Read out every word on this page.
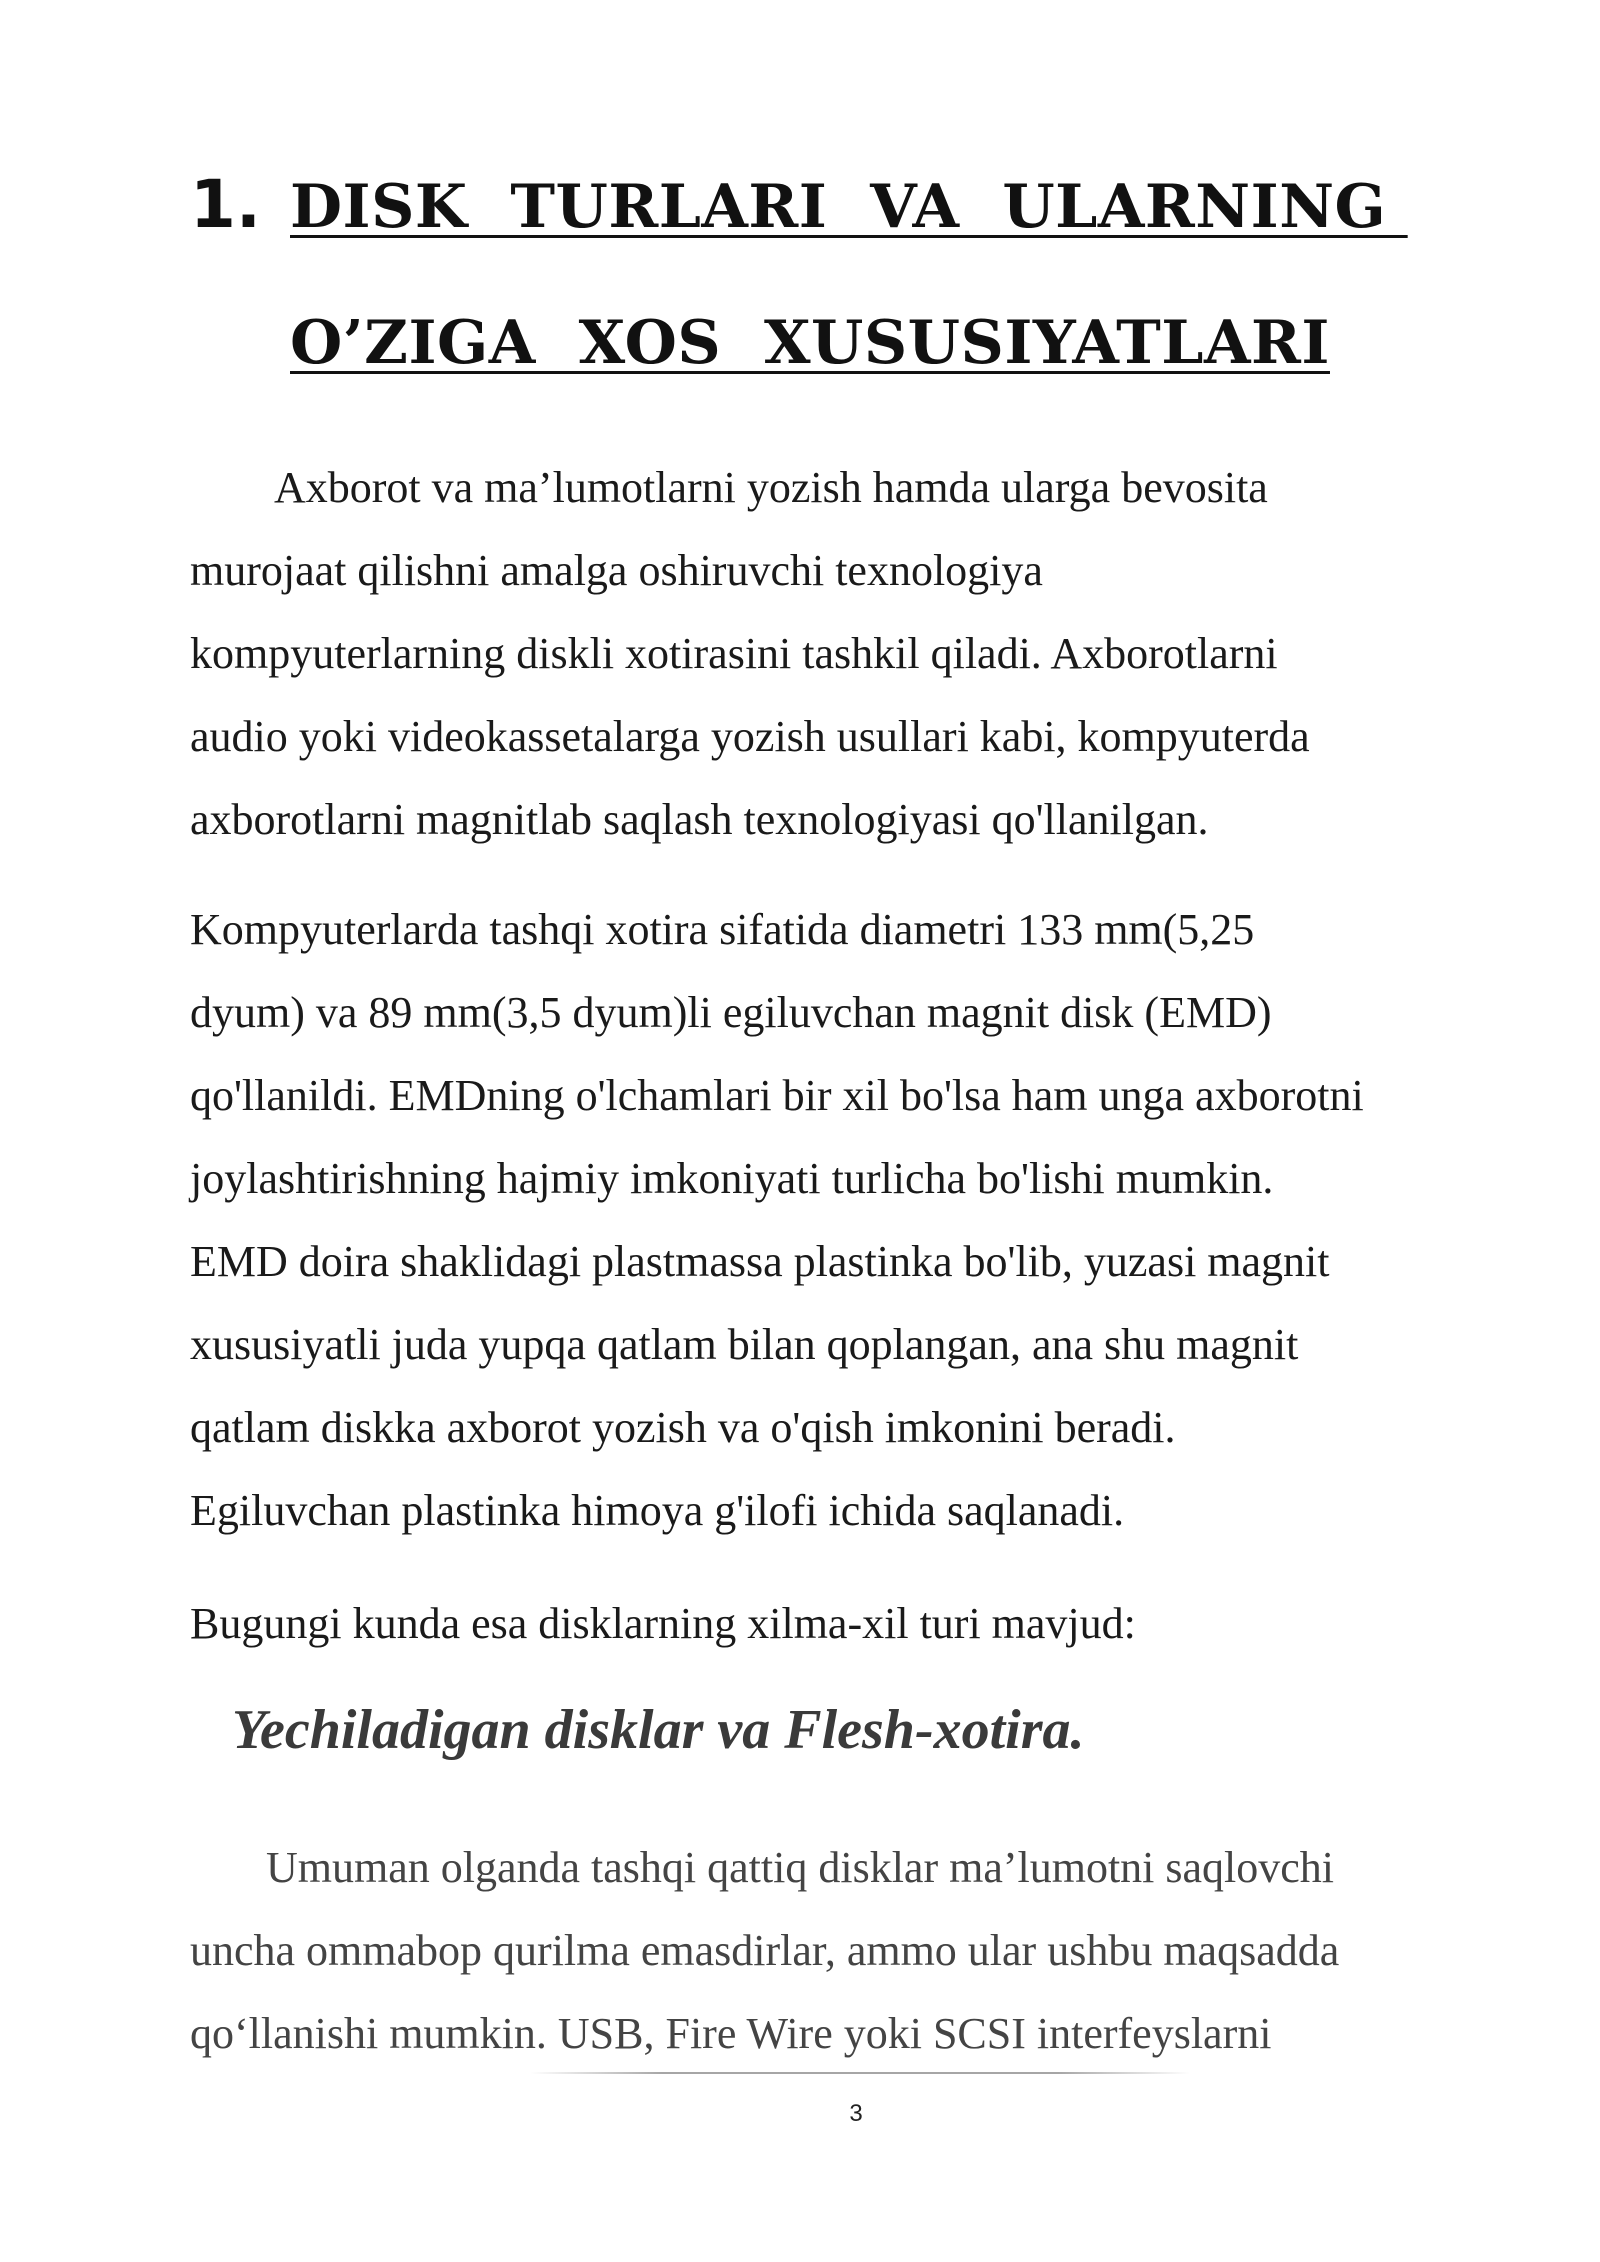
1. DISK  TURLARI  VA  ULARNING
O’ZIGA  XOS  XUSUSIYATLARI
Axborot va ma’lumotlarni yozish hamda ularga bevosita
murojaat qilishni amalga oshiruvchi texnologiya
kompyuterlarning diskli xotirasini tashkil qiladi. Axborotlarni
audio yoki videokassetalarga yozish usullari kabi, kompyuterda
axborotlarni magnitlab saqlash texnologiyasi qo'llanilgan.
Kompyuterlarda tashqi xotira sifatida diametri 133 mm(5,25
dyum) va 89 mm(3,5 dyum)li egiluvchan magnit disk (EMD)
qo'llanildi. EMDning o'lchamlari bir xil bo'lsa ham unga axborotni
joylashtirishning hajmiy imkoniyati turlicha bo'lishi mumkin.
EMD doira shaklidagi plastmassa plastinka bo'lib, yuzasi magnit
xususiyatli juda yupqa qatlam bilan qoplangan, ana shu magnit
qatlam diskka axborot yozish va o'qish imkonini beradi.
Egiluvchan plastinka himoya g'ilofi ichida saqlanadi.
Bugungi kunda esa disklarning xilma-xil turi mavjud:
Yechiladigan disklar va Flesh-xotira.
Umuman olganda tashqi qattiq disklar ma’lumotni saqlovchi
uncha ommabop qurilma emasdirlar, ammo ular ushbu maqsadda
qo‘llanishi mumkin. USB, Fire Wire yoki SCSI interfeyslarni
3
